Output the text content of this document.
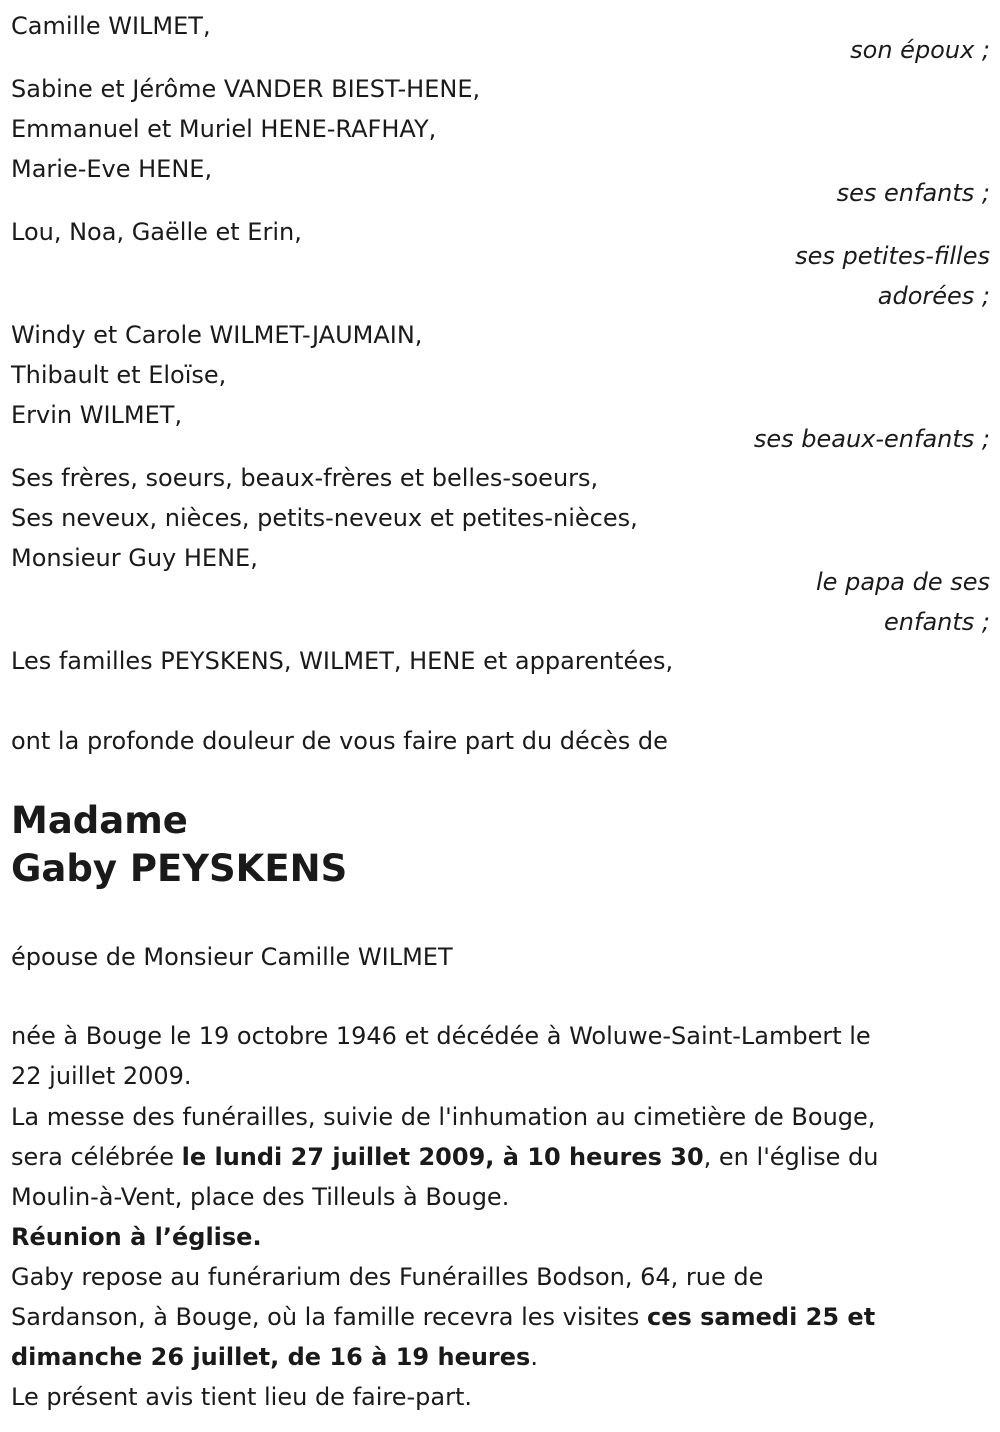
Camille WILMET,
son époux ;
Sabine et Jérôme VANDER BIEST-HENE,
Emmanuel et Muriel HENE-RAFHAY,
Marie-Eve HENE,
ses enfants ;
Lou, Noa, Gaëlle et Erin,
ses petites-filles
adorées ;
Windy et Carole WILMET-JAUMAIN,
Thibault et Eloïse,
Ervin WILMET,
ses beaux-enfants ;
Ses frères, soeurs, beaux-frères et belles-soeurs,
Ses neveux, nièces, petits-neveux et petites-nièces,
Monsieur Guy HENE,
le papa de ses
enfants ;
Les familles PEYSKENS, WILMET, HENE et apparentées,
ont la profonde douleur de vous faire part du décès de
Madame
Gaby PEYSKENS
épouse de Monsieur Camille WILMET
née à Bouge le 19 octobre 1946 et décédée à Woluwe-Saint-Lambert le
22 juillet 2009.
La messe des funérailles, suivie de l'inhumation au cimetière de Bouge,
sera célébrée le lundi 27 juillet 2009, à 10 heures 30, en l'église du
Moulin-à-Vent, place des Tilleuls à Bouge.
Réunion à l’église.
Gaby repose au funérarium des Funérailles Bodson, 64, rue de
Sardanson, à Bouge, où la famille recevra les visites ces samedi 25 et
dimanche 26 juillet, de 16 à 19 heures.
Le présent avis tient lieu de faire-part.
